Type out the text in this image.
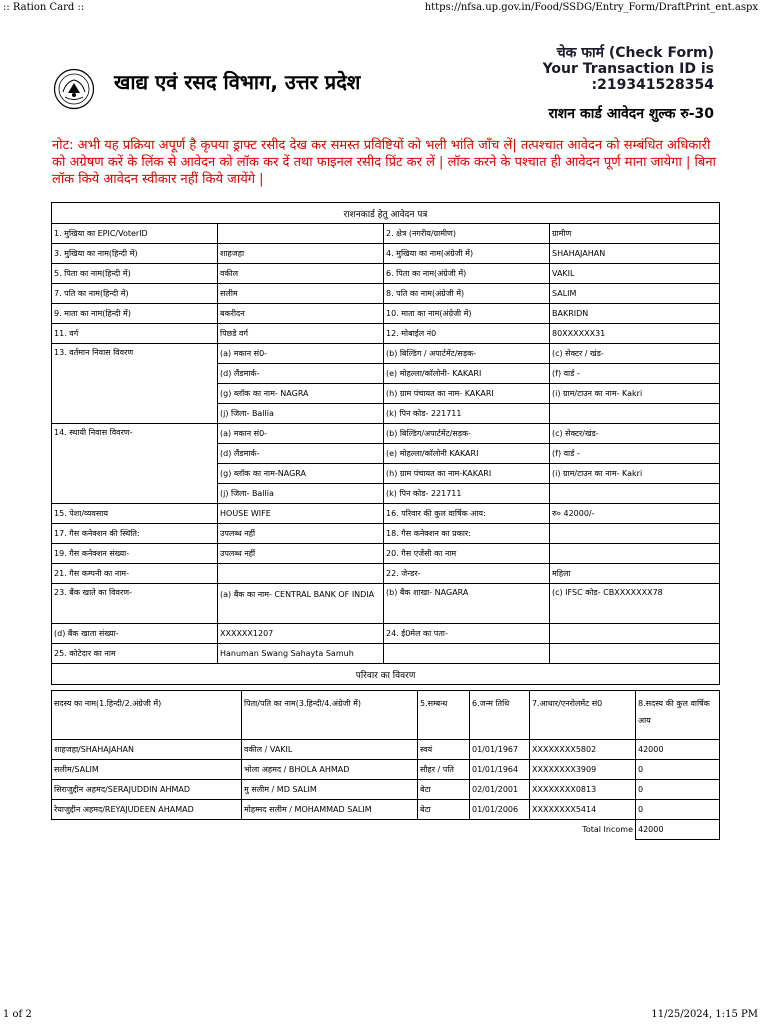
:: Ration Card ::	https://nfsa.up.gov.in/Food/SSDG/Entry_Form/DraftPrint_ent.aspx
खाद्य एवं रसद विभाग, उत्तर प्रदेश
चेक फार्म (Check Form)
Your Transaction ID is
:219341528354
राशन कार्ड आवेदन शुल्क रु-30
नोट: अभी यह प्रक्रिया अपूर्ण है कृपया ड्राफ्ट रसीद देख कर समस्त प्रविष्टियों को भली भांति जाँच लें| तत्पश्चात आवेदन को सम्बंधित अधिकारी को अग्रेषण करें के लिंक से आवेदन को लॉक कर दें तथा फाइनल रसीद प्रिंट कर लें | लॉक करने के पश्चात ही आवेदन पूर्ण माना जायेगा | बिना लॉक किये आवेदन स्वीकार नहीं किये जायेंगे |
राशनकार्ड हेतु आवेदन पत्र			
1. मुखिया का EPIC/VoterID		2. क्षेत्र (नगरीय/ग्रामीण)	ग्रामीण
3. मुखिया का नाम(हिन्दी में)	शाहजहा	4. मुखिया का नाम(अंग्रेजी में)	SHAHAJAHAN
5. पिता का नाम(हिन्दी में)	वकील	6. पिता का नाम(अंग्रेजी में)	VAKIL
7. पति का नाम(हिन्दी में)	सलीम	8. पति का नाम(अंग्रेजी में)	SALIM
9. माता का नाम(हिन्दी में)	बकरीदन	10. माता का नाम(अंग्रेजी में)	BAKRIDN
11. वर्ग	पिछडे वर्ग	12. मोबाईल नं0	80XXXXXX31
13. वर्तमान निवास विवरण	(a) मकान सं0-	(b) बिल्डिंग / अपार्टमेंट/सड़क-	(c) सेक्टर / खंड-
	(d) लैंडमार्क-	(e) मोहल्ला/कॉलोनी- KAKARI	(f) वार्ड -
	(g) ब्लॉक का नाम- NAGRA	(h) ग्राम पंचायत का नाम- KAKARI	(i) ग्राम/टाउन का नाम- Kakri
	(j) जिला- Ballia	(k) पिन कोड- 221711	
14. स्थायी निवास विवरण-	(a) मकान सं0-	(b) बिल्डिंग/अपार्टमेंट/सड़क-	(c) सेक्टर/खंड-
	(d) लैंडमार्क-	(e) मोहल्ला/कॉलोनी KAKARI	(f) वार्ड -
	(g) ब्लॉक का नाम-NAGRA	(h) ग्राम पंचायत का नाम-KAKARI	(i) ग्राम/टाउन का नाम- Kakri
	(j) जिला- Ballia	(k) पिन कोड- 221711	
15. पेशा/व्यवसाय	HOUSE WIFE	16. परिवार की कुल वार्षिक आय:	रु० 42000/-
17. गैस कनेक्शन की स्थिति:	उपलब्ध नहीं	18. गैस कनेक्शन का प्रकार:	
19. गैस कनेक्शन संख्या-	उपलब्ध नहीं	20. गैस एजेंसी का नाम	
21. गैस कम्पनी का नाम-		22. जेन्डर-	महिला
23. बैंक खाते का विवरण-	(a) बैंक का नाम- CENTRAL BANK OF INDIA	(b) बैंक शाखा- NAGARA	(c) IFSC कोड- CBXXXXXXX78
(d) बैंक खाता संख्या-	XXXXXX1207	24. ई0मेल का पता-	
25. कोटेदार का नाम	Hanuman Swang Sahayta Samuh		
परिवार का विवरण			
सदस्य का नाम(1.हिन्दी/2.अंग्रेजी में)	पिता/पति का नाम(3.हिन्दी/4.अंग्रेजी में)	5.सम्बन्ध	6.जन्म तिथि	7.आधार/एनरोलमेंट सं0	8.सदस्य की कुल वार्षिक आय
शाहजहा/SHAHAJAHAN	वकील / VAKIL	स्वयं	01/01/1967	XXXXXXXX5802	42000
सलीम/SALIM	भोला अहमद / BHOLA AHMAD	सौहर / पति	01/01/1964	XXXXXXXX3909	0
सिराजुद्दीन अहमद/SERAJUDDIN AHMAD	मु सलीम / MD SALIM	बेटा	02/01/2001	XXXXXXXX0813	0
रेयाजुद्दीन अहमद/REYAJUDEEN AHAMAD	मोहम्मद सलीम / MOHAMMAD SALIM	बेटा	01/01/2006	XXXXXXXX5414	0
				Total Income	42000
1 of 2	11/25/2024, 1:15 PM
